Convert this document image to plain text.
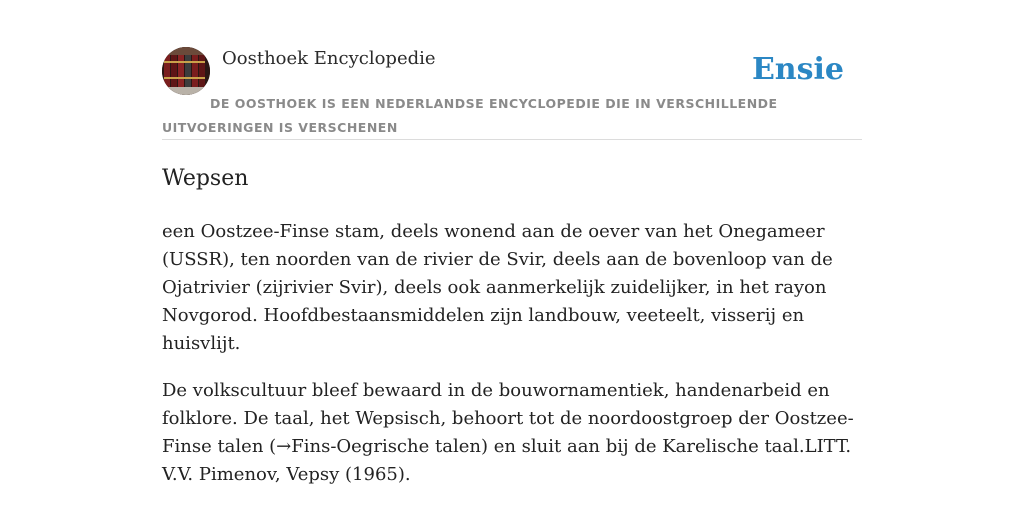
Oosthoek Encyclopedie	Ensie
DE OOSTHOEK IS EEN NEDERLANDSE ENCYCLOPEDIE DIE IN VERSCHILLENDE UITVOERINGEN IS VERSCHENEN
Wepsen

een Oostzee-Finse stam, deels wonend aan de oever van het Onegameer (USSR), ten noorden van de rivier de Svir, deels aan de bovenloop van de Ojatrivier (zijrivier Svir), deels ook aanmerkelijk zuidelijker, in het rayon Novgorod. Hoofdbestaansmiddelen zijn landbouw, veeteelt, visserij en huisvlijt.

De volkscultuur bleef bewaard in de bouwornamentiek, handenarbeid en folklore. De taal, het Wepsisch, behoort tot de noordoostgroep der Oostzee-Finse talen (→Fins-Oegrische talen) en sluit aan bij de Karelische taal.LITT. V.V. Pimenov, Vepsy (1965).
